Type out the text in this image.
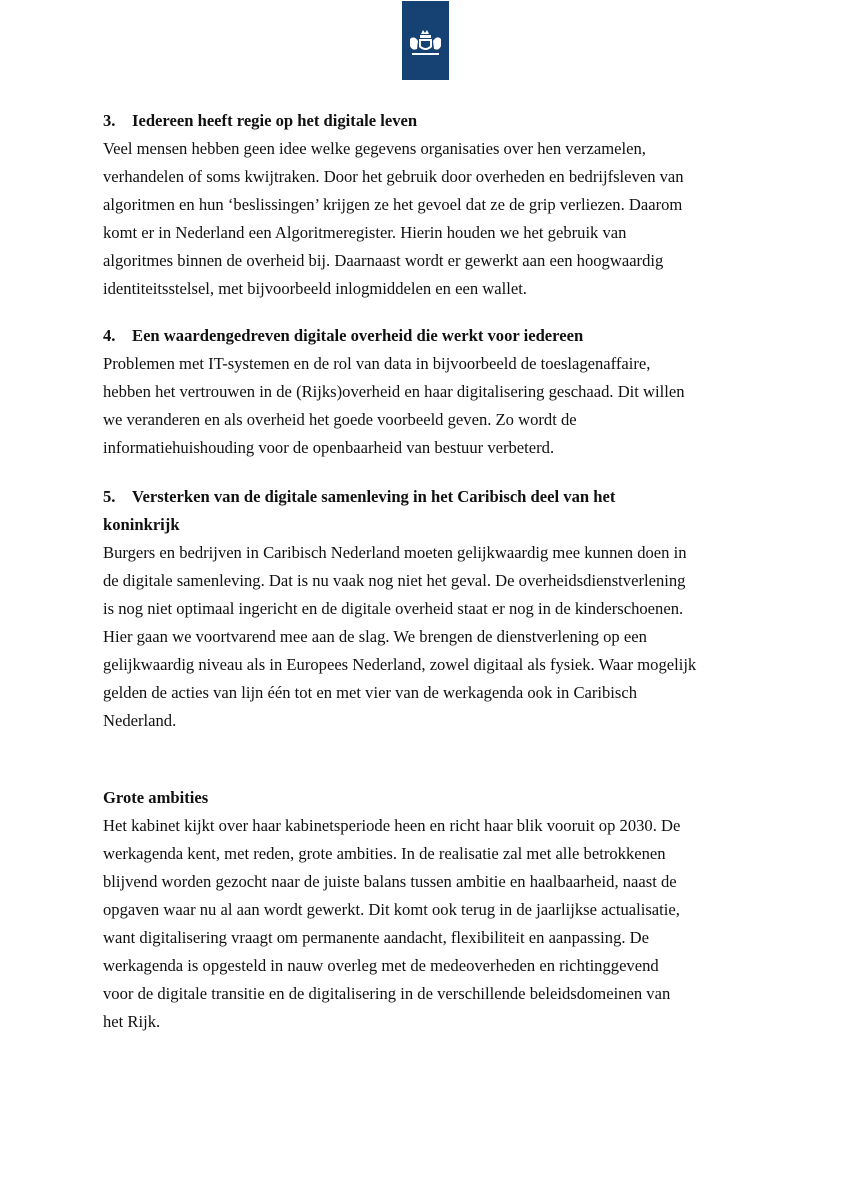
3. Iedereen heeft regie op het digitale leven
Veel mensen hebben geen idee welke gegevens organisaties over hen verzamelen,
verhandelen of soms kwijtraken. Door het gebruik door overheden en bedrijfsleven van
algoritmen en hun ‘beslissingen’ krijgen ze het gevoel dat ze de grip verliezen. Daarom
komt er in Nederland een Algoritmeregister. Hierin houden we het gebruik van
algoritmes binnen de overheid bij. Daarnaast wordt er gewerkt aan een hoogwaardig
identiteitsstelsel, met bijvoorbeeld inlogmiddelen en een wallet.
4. Een waardengedreven digitale overheid die werkt voor iedereen
Problemen met IT-systemen en de rol van data in bijvoorbeeld de toeslagenaffaire,
hebben het vertrouwen in de (Rijks)overheid en haar digitalisering geschaad. Dit willen
we veranderen en als overheid het goede voorbeeld geven. Zo wordt de
informatiehuishouding voor de openbaarheid van bestuur verbeterd.
5. Versterken van de digitale samenleving in het Caribisch deel van het
koninkrijk
Burgers en bedrijven in Caribisch Nederland moeten gelijkwaardig mee kunnen doen in
de digitale samenleving. Dat is nu vaak nog niet het geval. De overheidsdienstverlening
is nog niet optimaal ingericht en de digitale overheid staat er nog in de kinderschoenen.
Hier gaan we voortvarend mee aan de slag. We brengen de dienstverlening op een
gelijkwaardig niveau als in Europees Nederland, zowel digitaal als fysiek. Waar mogelijk
gelden de acties van lijn één tot en met vier van de werkagenda ook in Caribisch
Nederland.
Grote ambities
Het kabinet kijkt over haar kabinetsperiode heen en richt haar blik vooruit op 2030. De
werkagenda kent, met reden, grote ambities. In de realisatie zal met alle betrokkenen
blijvend worden gezocht naar de juiste balans tussen ambitie en haalbaarheid, naast de
opgaven waar nu al aan wordt gewerkt. Dit komt ook terug in de jaarlijkse actualisatie,
want digitalisering vraagt om permanente aandacht, flexibiliteit en aanpassing. De
werkagenda is opgesteld in nauw overleg met de medeoverheden en richtinggevend
voor de digitale transitie en de digitalisering in de verschillende beleidsdomeinen van
het Rijk.
